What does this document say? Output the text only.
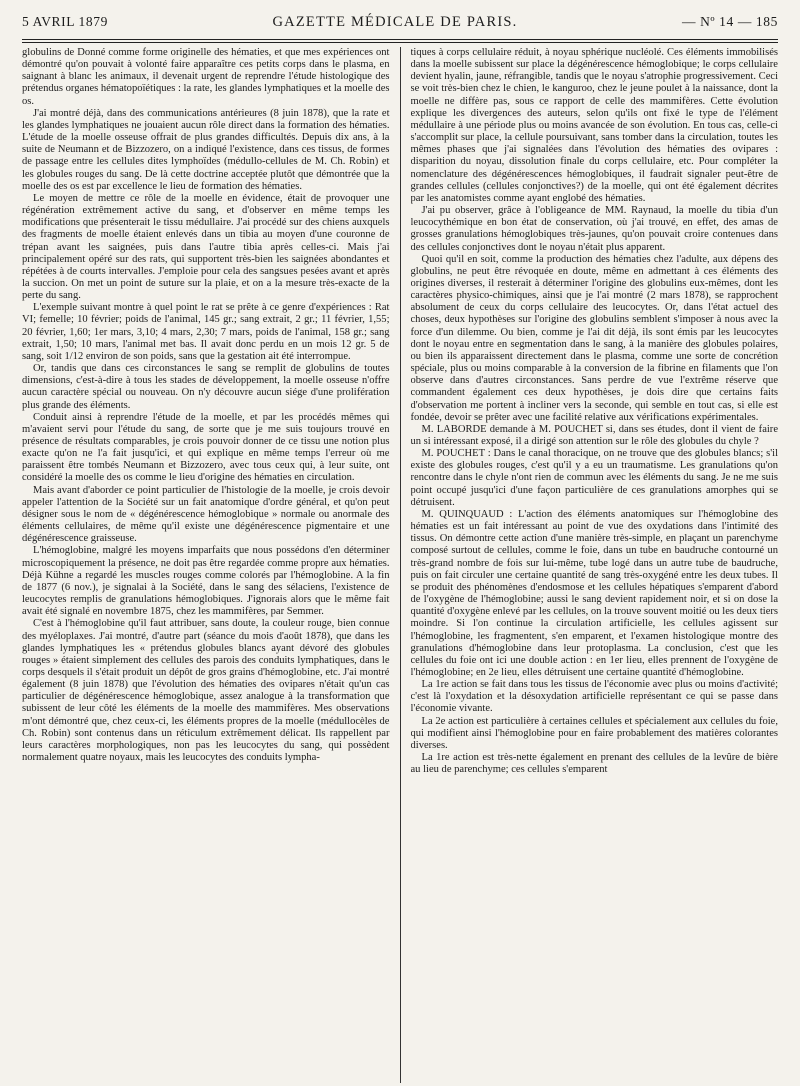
5 AVRIL 1879	GAZETTE MÉDICALE DE PARIS.	— Nº 14 — 185

globulins de Donné comme forme originelle des hématies, et que mes expériences ont démontré qu'on pouvait à volonté faire apparaître ces petits corps dans le plasma, en saignant à blanc les animaux, il devenait urgent de reprendre l'étude histologique des prétendus organes hématopoïétiques : la rate, les glandes lymphatiques et la moelle des os.

J'ai montré déjà, dans des communications antérieures (8 juin 1878), que la rate et les glandes lymphatiques ne jouaient aucun rôle direct dans la formation des hématies. L'étude de la moelle osseuse offrait de plus grandes difficultés. Depuis dix ans, à la suite de Neumann et de Bizzozero, on a indiqué l'existence, dans ces tissus, de formes de passage entre les cellules dites lymphoïdes (médullo-cellules de M. Ch. Robin) et les globules rouges du sang. De là cette doctrine acceptée plutôt que démontrée que la moelle des os est par excellence le lieu de formation des hématies.

Le moyen de mettre ce rôle de la moelle en évidence, était de provoquer une régénération extrêmement active du sang, et d'observer en même temps les modifications que présenterait le tissu médullaire. J'ai procédé sur des chiens auxquels des fragments de moelle étaient enlevés dans un tibia au moyen d'une couronne de trépan avant les saignées, puis dans l'autre tibia après celles-ci. Mais j'ai principalement opéré sur des rats, qui supportent très-bien les saignées abondantes et répétées à de courts intervalles. J'emploie pour cela des sangsues pesées avant et après la succion. On met un point de suture sur la plaie, et on a la mesure très-exacte de la perte du sang.

L'exemple suivant montre à quel point le rat se prête à ce genre d'expériences : Rat VI; femelle; 10 février; poids de l'animal, 145 gr.; sang extrait, 2 gr.; 11 février, 1,55; 20 février, 1,60; 1er mars, 3,10; 4 mars, 2,30; 7 mars, poids de l'animal, 158 gr.; sang extrait, 1,50; 10 mars, l'animal met bas. Il avait donc perdu en un mois 12 gr. 5 de sang, soit 1/12 environ de son poids, sans que la gestation ait été interrompue.

Or, tandis que dans ces circonstances le sang se remplit de globulins de toutes dimensions, c'est-à-dire à tous les stades de développement, la moelle osseuse n'offre aucun caractère spécial ou nouveau. On n'y découvre aucun siége d'une prolifération plus grande des éléments.

Conduit ainsi à reprendre l'étude de la moelle, et par les procédés mêmes qui m'avaient servi pour l'étude du sang, de sorte que je me suis toujours trouvé en présence de résultats comparables, je crois pouvoir donner de ce tissu une notion plus exacte qu'on ne l'a fait jusqu'ici, et qui explique en même temps l'erreur où me paraissent être tombés Neumann et Bizzozero, avec tous ceux qui, à leur suite, ont considéré la moelle des os comme le lieu d'origine des hématies en circulation.

Mais avant d'aborder ce point particulier de l'histologie de la moelle, je crois devoir appeler l'attention de la Société sur un fait anatomique d'ordre général, et qu'on peut désigner sous le nom de « dégénérescence hémoglobique » normale ou anormale des éléments cellulaires, de même qu'il existe une dégénérescence pigmentaire et une dégénérescence graisseuse.

L'hémoglobine, malgré les moyens imparfaits que nous possédons d'en déterminer microscopiquement la présence, ne doit pas être regardée comme propre aux hématies. Déjà Kühne a regardé les muscles rouges comme colorés par l'hémoglobine. A la fin de 1877 (6 nov.), je signalai à la Société, dans le sang des sélaciens, l'existence de leucocytes remplis de granulations hémoglobiques. J'ignorais alors que le même fait avait été signalé en novembre 1875, chez les mammifères, par Semmer.

C'est à l'hémoglobine qu'il faut attribuer, sans doute, la couleur rouge, bien connue des myéloplaxes. J'ai montré, d'autre part (séance du mois d'août 1878), que dans les glandes lymphatiques les « prétendus globules blancs ayant dévoré des globules rouges » étaient simplement des cellules des parois des conduits lymphatiques, dans le corps desquels il s'était produit un dépôt de gros grains d'hémoglobine, etc. J'ai montré également (8 juin 1878) que l'évolution des hématies des ovipares n'était qu'un cas particulier de dégénérescence hémoglobique, assez analogue à la transformation que subissent de leur côté les éléments de la moelle des mammifères. Mes observations m'ont démontré que, chez ceux-ci, les éléments propres de la moelle (médullocèles de Ch. Robin) sont contenus dans un réticulum extrêmement délicat. Ils rappellent par leurs caractères morphologiques, non pas les leucocytes du sang, qui possèdent normalement quatre noyaux, mais les leucocytes des conduits lympha-

tiques à corps cellulaire réduit, à noyau sphérique nucléolé. Ces éléments immobilisés dans la moelle subissent sur place la dégénérescence hémoglobique; le corps cellulaire devient hyalin, jaune, réfrangible, tandis que le noyau s'atrophie progressivement. Ceci se voit très-bien chez le chien, le kanguroo, chez le jeune poulet à la naissance, dont la moelle ne diffère pas, sous ce rapport de celle des mammifères. Cette évolution explique les divergences des auteurs, selon qu'ils ont fixé le type de l'élément médullaire à une période plus ou moins avancée de son évolution. En tous cas, celle-ci s'accomplit sur place, la cellule poursuivant, sans tomber dans la circulation, toutes les mêmes phases que j'ai signalées dans l'évolution des hématies des ovipares : disparition du noyau, dissolution finale du corps cellulaire, etc. Pour compléter la nomenclature des dégénérescences hémoglobiques, il faudrait signaler peut-être de grandes cellules (cellules conjonctives?) de la moelle, qui ont été également décrites par les anatomistes comme ayant englobé des hématies.

J'ai pu observer, grâce à l'obligeance de MM. Raynaud, la moelle du tibia d'un leucocythémique en bon état de conservation, où j'ai trouvé, en effet, des amas de grosses granulations hémoglobiques très-jaunes, qu'on pouvait croire contenues dans des cellules conjonctives dont le noyau n'était plus apparent.

Quoi qu'il en soit, comme la production des hématies chez l'adulte, aux dépens des globulins, ne peut être révoquée en doute, même en admettant à ces éléments des origines diverses, il resterait à déterminer l'origine des globulins eux-mêmes, dont les caractères physico-chimiques, ainsi que je l'ai montré (2 mars 1878), se rapprochent absolument de ceux du corps cellulaire des leucocytes. Or, dans l'état actuel des choses, deux hypothèses sur l'origine des globulins semblent s'imposer à nous avec la force d'un dilemme. Ou bien, comme je l'ai dit déjà, ils sont émis par les leucocytes dont le noyau entre en segmentation dans le sang, à la manière des globules polaires, ou bien ils apparaissent directement dans le plasma, comme une sorte de concrétion spéciale, plus ou moins comparable à la conversion de la fibrine en filaments que l'on observe dans d'autres circonstances. Sans perdre de vue l'extrême réserve que commandent également ces deux hypothèses, je dois dire que certains faits d'observation me portent à incliner vers la seconde, qui semble en tout cas, si elle est fondée, devoir se prêter avec une facilité relative aux vérifications expérimentales.

M. LABORDE demande à M. POUCHET si, dans ses études, dont il vient de faire un si intéressant exposé, il a dirigé son attention sur le rôle des globules du chyle ?

M. POUCHET : Dans le canal thoracique, on ne trouve que des globules blancs; s'il existe des globules rouges, c'est qu'il y a eu un traumatisme. Les granulations qu'on rencontre dans le chyle n'ont rien de commun avec les éléments du sang. Je ne me suis point occupé jusqu'ici d'une façon particulière de ces granulations amorphes qui se détruisent.

M. QUINQUAUD : L'action des éléments anatomiques sur l'hémoglobine des hématies est un fait intéressant au point de vue des oxydations dans l'intimité des tissus. On démontre cette action d'une manière très-simple, en plaçant un parenchyme composé surtout de cellules, comme le foie, dans un tube en baudruche contourné un très-grand nombre de fois sur lui-même, tube logé dans un autre tube de baudruche, puis on fait circuler une certaine quantité de sang très-oxygéné entre les deux tubes. Il se produit des phénomènes d'endosmose et les cellules hépatiques s'emparent d'abord de l'oxygène de l'hémoglobine; aussi le sang devient rapidement noir, et si on dose la quantité d'oxygène enlevé par les cellules, on la trouve souvent moitié ou les deux tiers moindre. Si l'on continue la circulation artificielle, les cellules agissent sur l'hémoglobine, les fragmentent, s'en emparent, et l'examen histologique montre des granulations d'hémoglobine dans leur protoplasma. La conclusion, c'est que les cellules du foie ont ici une double action : en 1er lieu, elles prennent de l'oxygène de l'hémoglobine; en 2e lieu, elles détruisent une certaine quantité d'hémoglobine.

La 1re action se fait dans tous les tissus de l'économie avec plus ou moins d'activité; c'est là l'oxydation et la désoxydation artificielle représentant ce qui se passe dans l'économie vivante.

La 2e action est particulière à certaines cellules et spécialement aux cellules du foie, qui modifient ainsi l'hémoglobine pour en faire probablement des matières colorantes diverses.

La 1re action est très-nette également en prenant des cellules de la levûre de bière au lieu de parenchyme; ces cellules s'emparent
